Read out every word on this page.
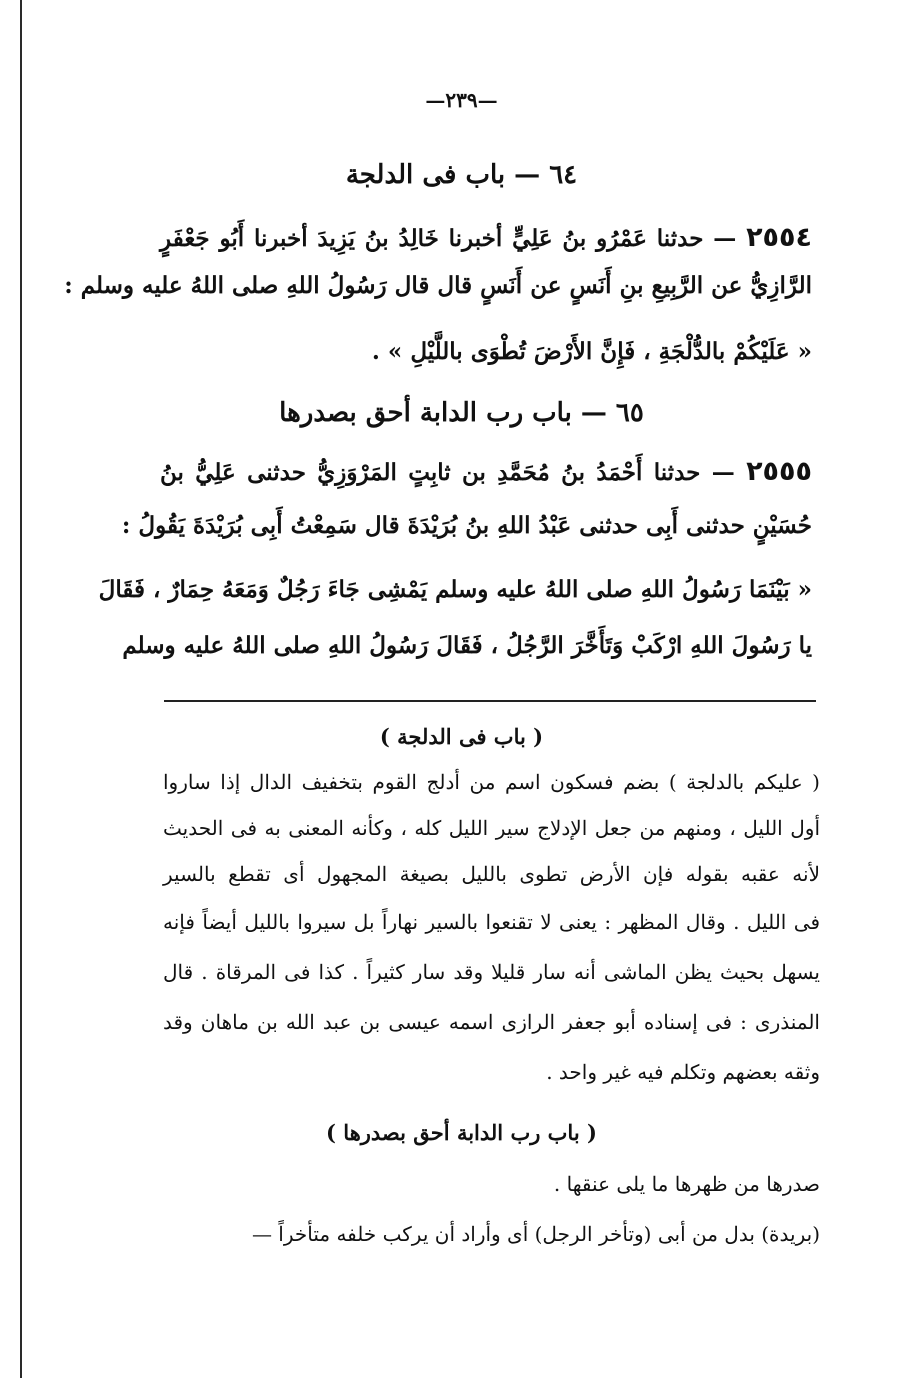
—٢٣٩—
٦٤ — باب فى الدلجة
٢٥٥٤ — حدثنا عَمْرُو بنُ عَلِيٍّ أخبرنا خَالِدُ بنُ يَزِيدَ أخبرنا أَبُو جَعْفَرٍ
الرَّازِيُّ عن الرَّبِيعِ بنِ أَنَسٍ عن أَنَسٍ قال قال رَسُولُ اللهِ صلى اللهُ عليه وسلم :
« عَلَيْكُمْ بالدُّلْجَةِ ، فَإِنَّ الأَرْضَ تُطْوَى باللَّيْلِ » .
٦٥ — باب رب الدابة أحق بصدرها
٢٥٥٥ — حدثنا أَحْمَدُ بنُ مُحَمَّدِ بن ثابِتٍ المَرْوَزِيُّ حدثنى عَلِيُّ بنُ
حُسَيْنٍ حدثنى أَبِى حدثنى عَبْدُ اللهِ بنُ بُرَيْدَةَ قال سَمِعْتُ أَبِى بُرَيْدَةَ يَقُولُ :
« بَيْنَمَا رَسُولُ اللهِ صلى اللهُ عليه وسلم يَمْشِى جَاءَ رَجُلٌ وَمَعَهُ حِمَارٌ ، فَقَالَ
يا رَسُولَ اللهِ ارْكَبْ وَتَأَخَّرَ الرَّجُلُ ، فَقَالَ رَسُولُ اللهِ صلى اللهُ عليه وسلم
( باب فى الدلجة )
( عليكم بالدلجة ) بضم فسكون اسم من أدلج القوم بتخفيف الدال إذا ساروا
أول الليل ، ومنهم من جعل الإدلاج سير الليل كله ، وكأنه المعنى به فى الحديث
لأنه عقبه بقوله فإن الأرض تطوى بالليل بصيغة المجهول أى تقطع بالسير
فى الليل . وقال المظهر : يعنى لا تقنعوا بالسير نهاراً بل سيروا بالليل أيضاً فإنه
يسهل بحيث يظن الماشى أنه سار قليلا وقد سار كثيراً . كذا فى المرقاة . قال
المنذرى : فى إسناده أبو جعفر الرازى اسمه عيسى بن عبد الله بن ماهان وقد
وثقه بعضهم وتكلم فيه غير واحد .
( باب رب الدابة أحق بصدرها )
صدرها من ظهرها ما يلى عنقها .
(بريدة) بدل من أبى (وتأخر الرجل) أى وأراد أن يركب خلفه متأخراً —
